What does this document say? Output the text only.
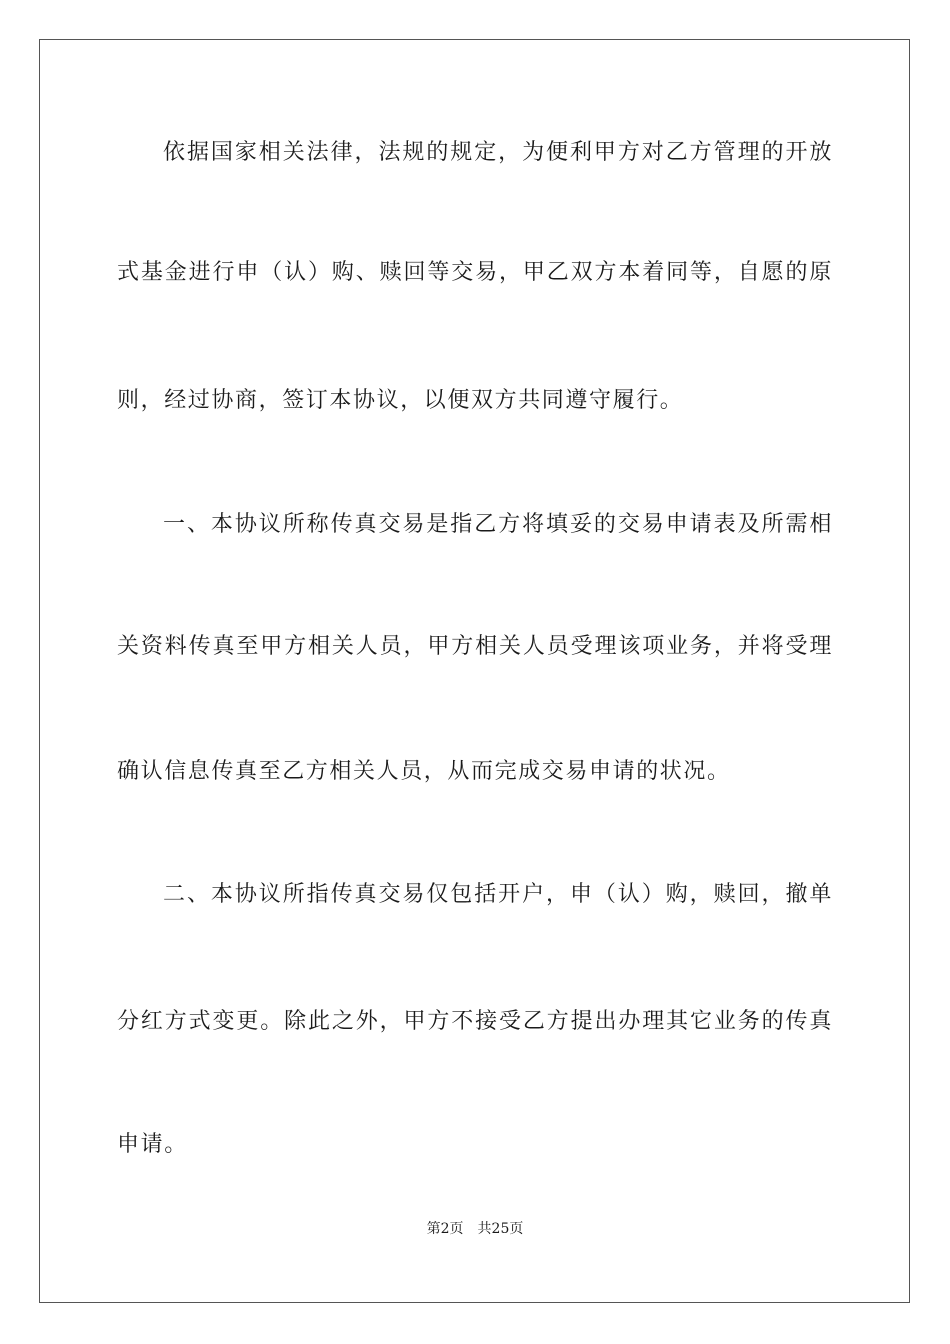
依据国家相关法律，法规的规定，为便利甲方对乙方管理的开放
式基金进行申（认）购、赎回等交易，甲乙双方本着同等，自愿的原
则，经过协商，签订本协议，以便双方共同遵守履行。
一、本协议所称传真交易是指乙方将填妥的交易申请表及所需相
关资料传真至甲方相关人员，甲方相关人员受理该项业务，并将受理
确认信息传真至乙方相关人员，从而完成交易申请的状况。
二、本协议所指传真交易仅包括开户，申（认）购，赎回，撤单
分红方式变更。除此之外，甲方不接受乙方提出办理其它业务的传真
申请。
第2页 共25页
